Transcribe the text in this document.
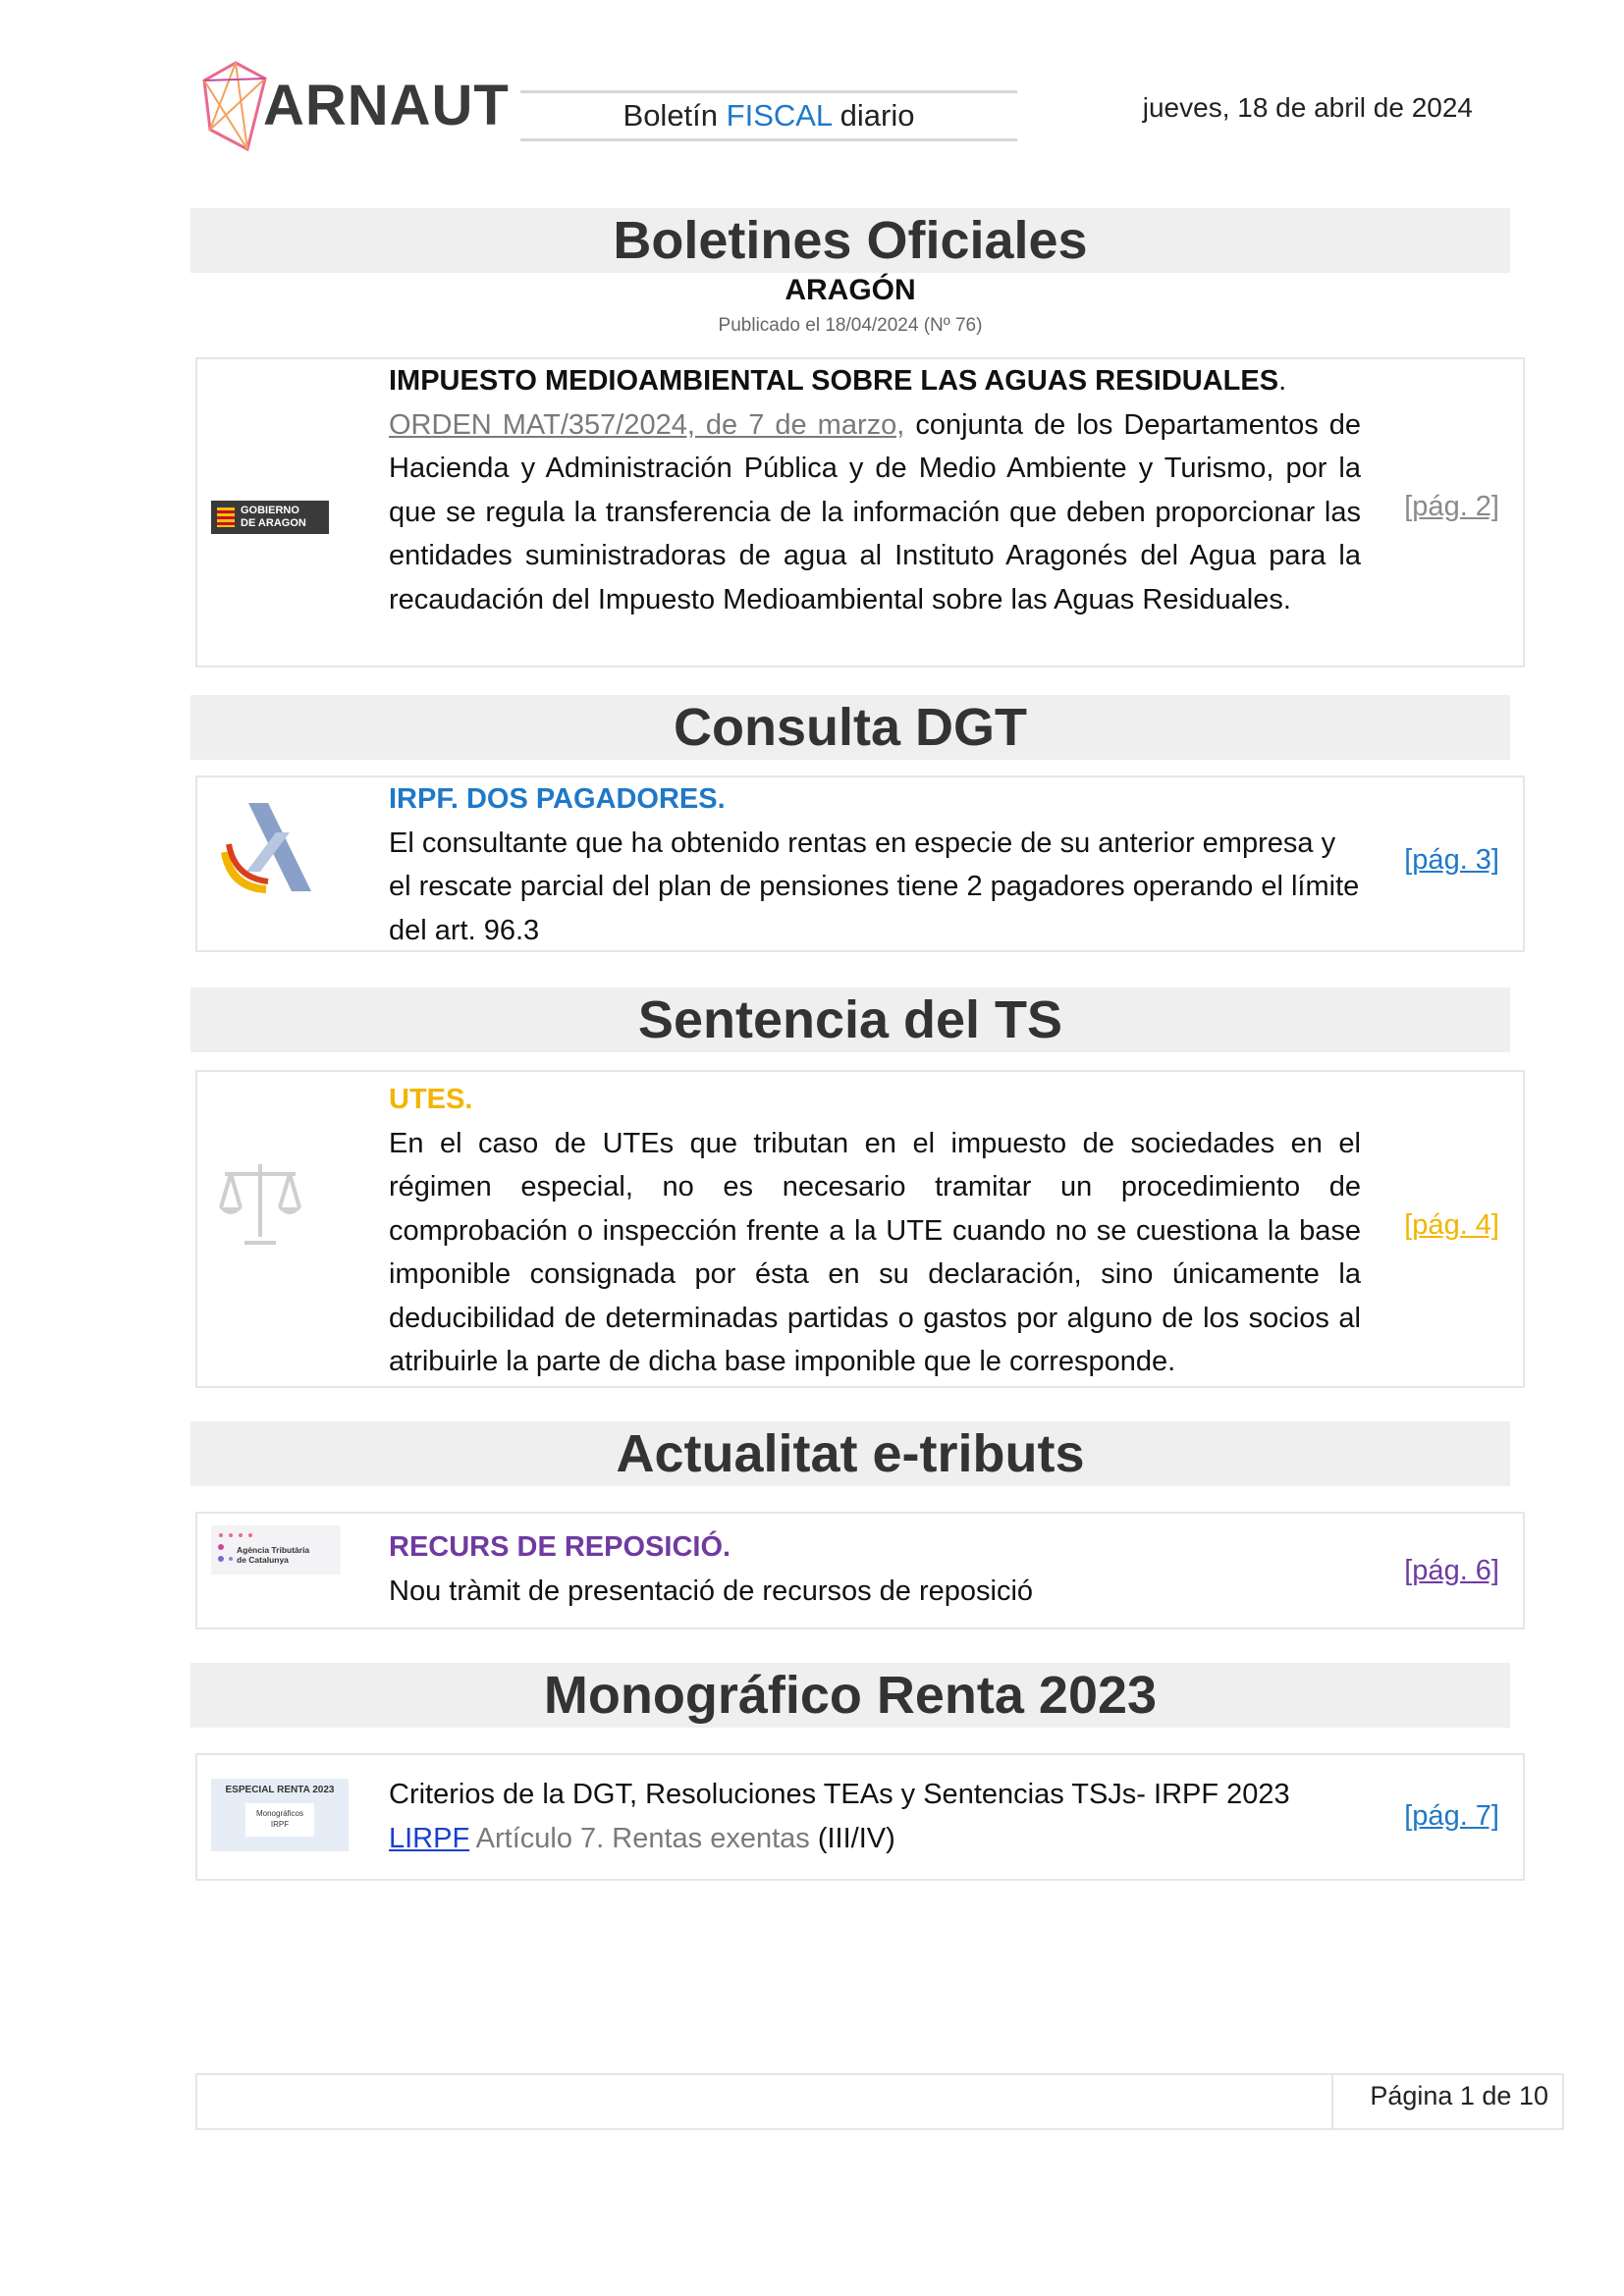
ARNAUT	Boletín FISCAL diario	jueves, 18 de abril de 2024
Boletines Oficiales
ARAGÓN
Publicado el 18/04/2024 (Nº 76)
GOBIERNO
DE ARAGON
IMPUESTO MEDIOAMBIENTAL SOBRE LAS AGUAS RESIDUALES.
ORDEN MAT/357/2024, de 7 de marzo, conjunta de los Departamentos de Hacienda y Administración Pública y de Medio Ambiente y Turismo, por la que se regula la transferencia de la información que deben proporcionar las entidades suministradoras de agua al Instituto Aragonés del Agua para la recaudación del Impuesto Medioambiental sobre las Aguas Residuales.
[pág. 2]
Consulta DGT
IRPF. DOS PAGADORES.
El consultante que ha obtenido rentas en especie de su anterior empresa y el rescate parcial del plan de pensiones tiene 2 pagadores operando el límite del art. 96.3
[pág. 3]
Sentencia del TS
UTES.
En el caso de UTEs que tributan en el impuesto de sociedades en el régimen especial, no es necesario tramitar un procedimiento de comprobación o inspección frente a la UTE cuando no se cuestiona la base imponible consignada por ésta en su declaración, sino únicamente la deducibilidad de determinadas partidas o gastos por alguno de los socios al atribuirle la parte de dicha base imponible que le corresponde.
[pág. 4]
Actualitat e-tributs
Agència Tributària
de Catalunya	RECURS DE REPOSICIÓ.
Nou tràmit de presentació de recursos de reposició
[pág. 6]
Monográfico Renta 2023
ESPECIAL RENTA 2023
Monográficos
IRPF
Criterios de la DGT, Resoluciones TEAs y Sentencias TSJs- IRPF 2023
LIRPF Artículo 7. Rentas exentas (III/IV)
[pág. 7]
Página 1 de 10
